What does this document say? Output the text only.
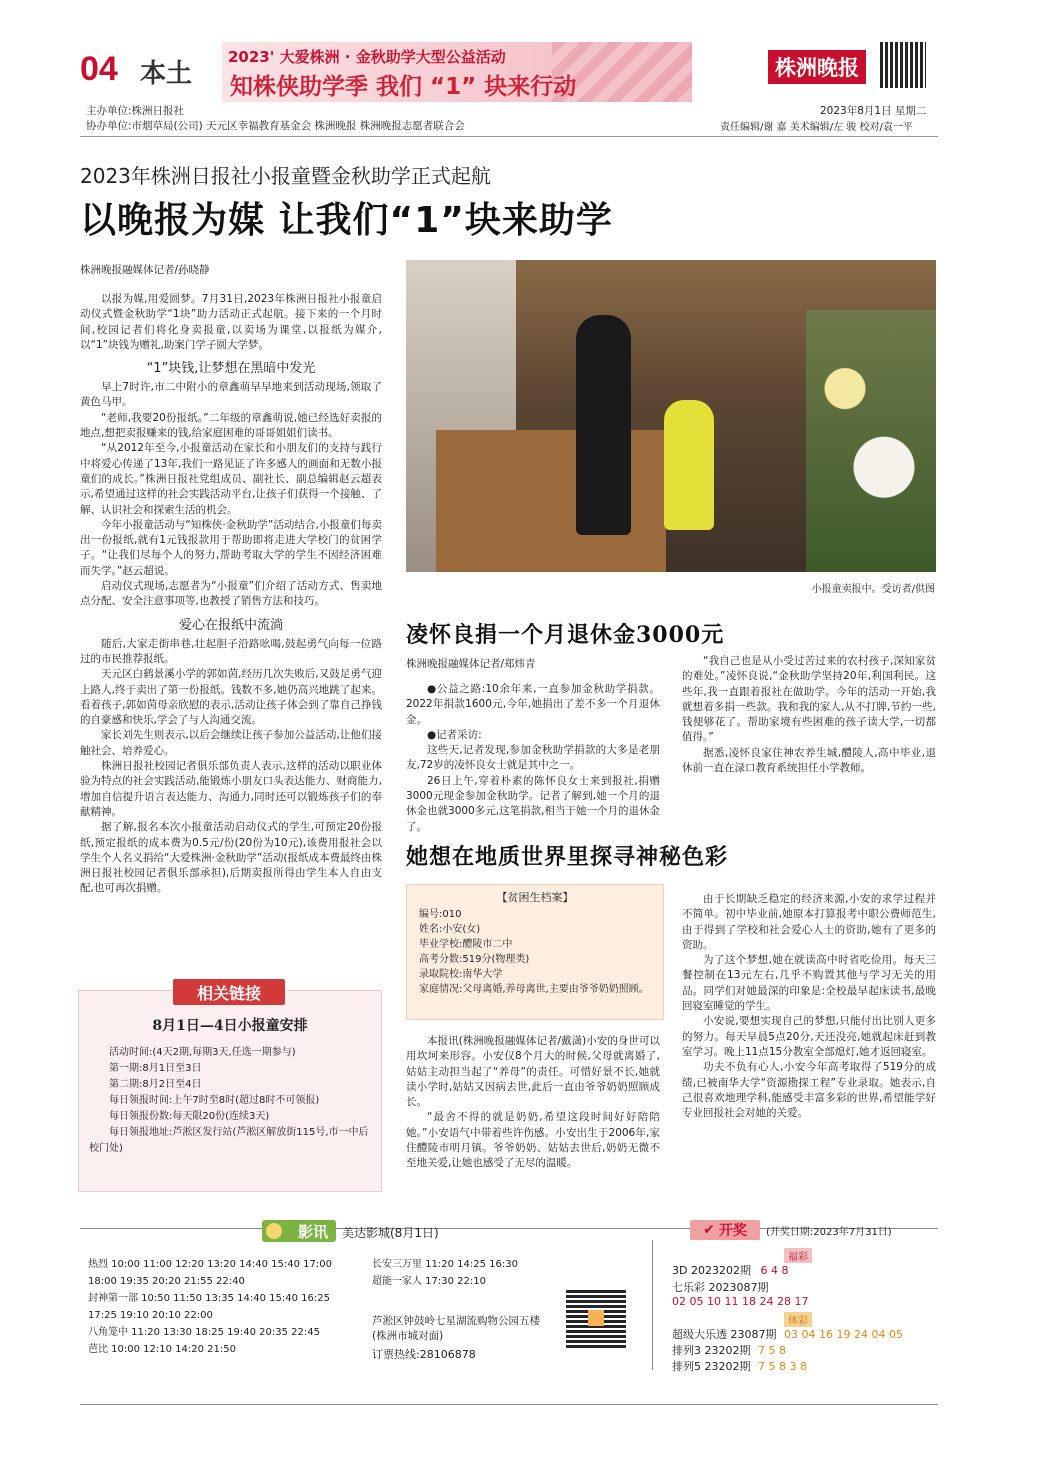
04 本土
2023' 大爱株洲 · 金秋助学大型公益活动
知株侠助学季 我们 “1” 块来行动
株洲晚报
主办单位:株洲日报社
协办单位:市烟草局(公司) 天元区幸福教育基金会 株洲晚报 株洲晚报志愿者联合会
2023年8月1日 星期二
责任编辑/谢 嘉 美术编辑/左 骏 校对/袁一平
2023年株洲日报社小报童暨金秋助学正式起航
以晚报为媒 让我们“1”块来助学
株洲晚报融媒体记者/孙晓静

以报为媒,用爱圆梦。7月31日,2023年株洲日报社小报童启动仪式暨金秋助学“1块”助力活动正式起航。接下来的一个月时间,校园记者们将化身卖报童,以卖场为课堂,以报纸为媒介,以“1”块钱为赠礼,助案门学子圆大学梦。

“1”块钱,让梦想在黑暗中发光

早上7时许,市二中附小的章鑫萌早早地来到活动现场,领取了黄色马甲。

“老师,我要20份报纸。”二年级的章鑫萌说,她已经选好卖报的地点,想把卖报赚来的钱,给家庭困难的哥哥姐姐们读书。

“从2012年至今,小报童活动在家长和小朋友们的支持与践行中将爱心传递了13年,我们一路见证了许多感人的画面和无数小报童们的成长。”株洲日报社党组成员、副社长、副总编辑赵云超表示,希望通过这样的社会实践活动平台,让孩子们获得一个接触、了解、认识社会和探索生活的机会。

今年小报童活动与“知株侠·金秋助学”活动结合,小报童们每卖出一份报纸,就有1元钱报款用于帮助即将走进大学校门的贫困学子。“让我们尽每个人的努力,帮助考取大学的学生不因经济困难而失学。”赵云超说。

启动仪式现场,志愿者为“小报童”们介绍了活动方式、售卖地点分配、安全注意事项等,也教授了销售方法和技巧。

爱心在报纸中流淌

随后,大家走街串巷,壮起胆子沿路吆喝,鼓起勇气向每一位路过的市民推荐报纸。

天元区白鹤景溪小学的郭如茵,经历几次失败后,又鼓足勇气迎上路人,终于卖出了第一份报纸。钱数不多,她仍高兴地跳了起来。看着孩子,郭如茵母亲欣慰的表示,活动让孩子体会到了靠自己挣钱的自豪感和快乐,学会了与人沟通交流。

家长刘先生则表示,以后会继续让孩子参加公益活动,让他们接触社会、培养爱心。

株洲日报社校园记者俱乐部负责人表示,这样的活动以职业体验为特点的社会实践活动,能锻炼小朋友口头表达能力、财商能力,增加自信提升语言表达能力、沟通力,同时还可以锻炼孩子们的奉献精神。

据了解,报名本次小报童活动启动仪式的学生,可预定20份报纸,预定报纸的成本费为0.5元/份(20份为10元),该费用报社会以学生个人名义捐给“大爱株洲·金秋助学”活动(报纸成本费最终由株洲日报社校园记者俱乐部承担),后期卖报所得由学生本人自由支配,也可再次捐赠。

相关链接
8月1日—4日小报童安排
活动时间:(4天2期,每期3天,任选一期参与)
第一期:8月1日至3日
第二期:8月2日至4日
每日领报时间:上午7时至8时(超过8时不可领报)
每日领报份数:每天限20份(连续3天)
每日领报地址:芦淞区发行站(芦淞区解放街115号,市一中后校门处)
小报童卖报中。受访者/供图
凌怀良捐一个月退休金3000元
株洲晚报融媒体记者/郑炜青

●公益之路:10余年来,一直参加金秋助学捐款。2022年捐款1600元,今年,她捐出了差不多一个月退休金。

●记者采访:

这些天,记者发现,参加金秋助学捐款的大多是老朋友,72岁的凌怀良女士就是其中之一。

26日上午,穿着朴素的陈怀良女士来到报社,捐赠3000元现金参加金秋助学。记者了解到,她一个月的退休金也就3000多元,这笔捐款,相当于她一个月的退休金了。

“我自己也是从小受过苦过来的农村孩子,深知家贫的难处。”凌怀良说,“金秋助学坚持20年,利国利民。这些年,我一直跟着报社在做助学。今年的活动一开始,我就想着多捐一些款。我和我的家人,从不打牌,节约一些,钱便够花了。帮助家境有些困难的孩子读大学,一切都值得。”

据悉,凌怀良家住神农养生城,醴陵人,高中毕业,退休前一直在渌口教育系统担任小学教师。

她想在地质世界里探寻神秘色彩
【贫困生档案】
编号:010
姓名:小安(女)
毕业学校:醴陵市二中
高考分数:519分(物理类)
录取院校:南华大学
家庭情况:父母离婚,养母离世,主要由爷爷奶奶照顾。

本报讯(株洲晚报融媒体记者/戴潇)小安的身世可以用坎坷来形容。小安仅8个月大的时候,父母就离婚了,姑姑主动担当起了“养母”的责任。可惜好景不长,她就读小学时,姑姑又因病去世,此后一直由爷爷奶奶照顾成长。

“最舍不得的就是奶奶,希望这段时间好好陪陪她。”小安语气中带着些许伤感。小安出生于2006年,家住醴陵市明月镇。爷爷奶奶、姑姑去世后,奶奶无微不至地关爱,让她也感受了无尽的温暖。

由于长期缺乏稳定的经济来源,小安的求学过程并不简单。初中毕业前,她原本打算报考中职公费师范生,由于得到了学校和社会爱心人士的资助,她有了更多的资助。

为了这个梦想,她在就读高中时省吃俭用。每天三餐控制在13元左右,几乎不购置其他与学习无关的用品。同学们对她最深的印象是:全校最早起床读书,最晚回寝室睡觉的学生。

小安说,要想实现自己的梦想,只能付出比别人更多的努力。每天早晨5点20分,天还没亮,她就起床赶到教室学习。晚上11点15分教室全部熄灯,她才返回寝室。

功夫不负有心人,小安今年高考取得了519分的成绩,已被南华大学“资源勘探工程”专业录取。她表示,自己很喜欢地理学科,能感受丰富多彩的世界,希望能学好专业回报社会对她的关爱。

影讯 美达影城(8月1日)
热烈 10:00 11:00 12:20 13:20 14:40 15:40 17:00
18:00 19:35 20:20 21:55 22:40
封神第一部 10:50 11:50 13:35 14:40 15:40 16:25
17:25 19:10 20:10 22:00
八角笼中 11:20 13:30 18:25 19:40 20:35 22:45
芭比 10:00 12:10 14:20 21:50
长安三万里 11:20 14:25 16:30
超能一家人 17:30 22:10
芦淞区钟鼓岭七星湖流购物公园五楼(株洲市城对面)
订票热线:28106878
✔ 开奖 (开奖日期:2023年7月31日)
福彩
3D 2023202期 6 4 8
七乐彩 2023087期
02 05 10 11 18 24 28 17
体彩
超级大乐透 23087期 03 04 16 19 24 04 05
排列3 23202期 7 5 8
排列5 23202期 7 5 8 3 8
